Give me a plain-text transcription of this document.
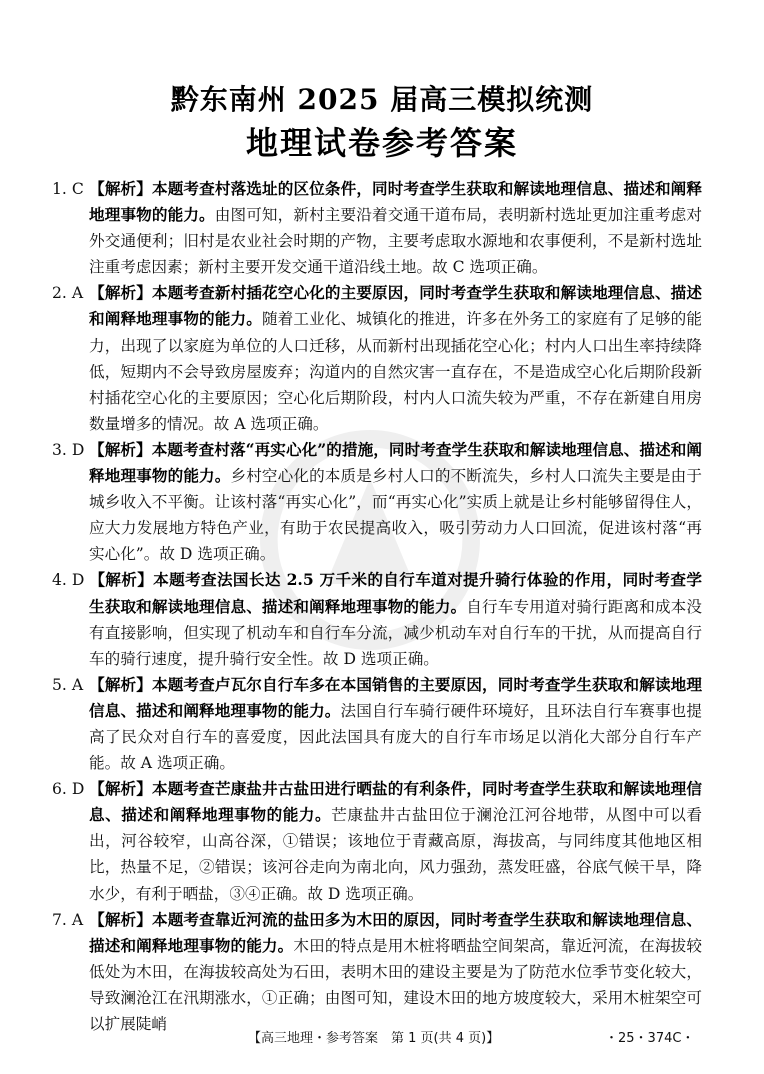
黔东南州 2025 届高三模拟统测
地理试卷参考答案

1. C 【解析】本题考查村落选址的区位条件，同时考查学生获取和解读地理信息、描述和阐释地理事物的能力。由图可知，新村主要沿着交通干道布局，表明新村选址更加注重考虑对外交通便利；旧村是农业社会时期的产物，主要考虑取水源地和农事便利，不是新村选址注重考虑因素；新村主要开发交通干道沿线土地。故 C 选项正确。

2. A 【解析】本题考查新村插花空心化的主要原因，同时考查学生获取和解读地理信息、描述和阐释地理事物的能力。随着工业化、城镇化的推进，许多在外务工的家庭有了足够的能力，出现了以家庭为单位的人口迁移，从而新村出现插花空心化；村内人口出生率持续降低，短期内不会导致房屋废弃；沟道内的自然灾害一直存在，不是造成空心化后期阶段新村插花空心化的主要原因；空心化后期阶段，村内人口流失较为严重，不存在新建自用房数量增多的情况。故 A 选项正确。

3. D 【解析】本题考查村落“再实心化”的措施，同时考查学生获取和解读地理信息、描述和阐释地理事物的能力。乡村空心化的本质是乡村人口的不断流失，乡村人口流失主要是由于城乡收入不平衡。让该村落“再实心化”，而“再实心化”实质上就是让乡村能够留得住人，应大力发展地方特色产业，有助于农民提高收入，吸引劳动力人口回流，促进该村落“再实心化”。故 D 选项正确。

4. D 【解析】本题考查法国长达 2.5 万千米的自行车道对提升骑行体验的作用，同时考查学生获取和解读地理信息、描述和阐释地理事物的能力。自行车专用道对骑行距离和成本没有直接影响，但实现了机动车和自行车分流，减少机动车对自行车的干扰，从而提高自行车的骑行速度，提升骑行安全性。故 D 选项正确。

5. A 【解析】本题考查卢瓦尔自行车多在本国销售的主要原因，同时考查学生获取和解读地理信息、描述和阐释地理事物的能力。法国自行车骑行硬件环境好，且环法自行车赛事也提高了民众对自行车的喜爱度，因此法国具有庞大的自行车市场足以消化大部分自行车产能。故 A 选项正确。

6. D 【解析】本题考查芒康盐井古盐田进行晒盐的有利条件，同时考查学生获取和解读地理信息、描述和阐释地理事物的能力。芒康盐井古盐田位于澜沧江河谷地带，从图中可以看出，河谷较窄，山高谷深，①错误；该地位于青藏高原，海拔高，与同纬度其他地区相比，热量不足，②错误；该河谷走向为南北向，风力强劲，蒸发旺盛，谷底气候干旱，降水少，有利于晒盐，③④正确。故 D 选项正确。

7. A 【解析】本题考查靠近河流的盐田多为木田的原因，同时考查学生获取和解读地理信息、描述和阐释地理事物的能力。木田的特点是用木桩将晒盐空间架高，靠近河流，在海拔较低处为木田，在海拔较高处为石田，表明木田的建设主要是为了防范水位季节变化较大，导致澜沧江在汛期涨水，①正确；由图可知，建设木田的地方坡度较大，采用木桩架空可以扩展陡峭

【高三地理・参考答案　第 1 页(共 4 页)】	・25・374C・
